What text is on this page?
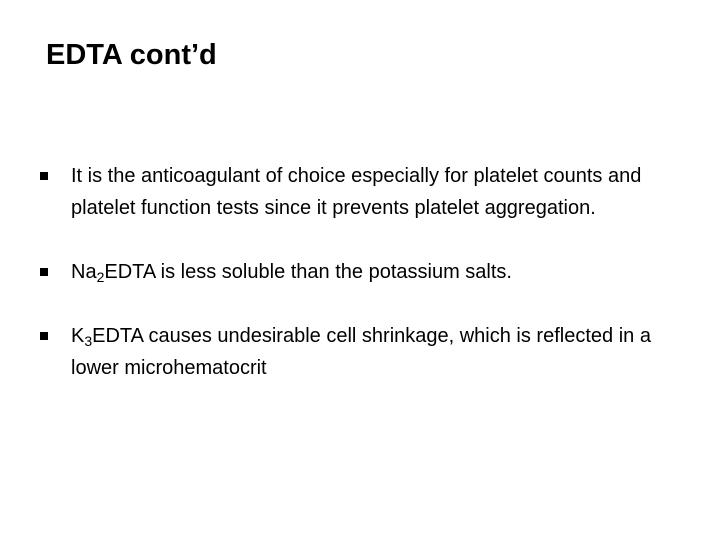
EDTA cont’d
It is the anticoagulant of choice especially for platelet counts and platelet function tests since it prevents platelet aggregation.
$Na_2EDTA$ is less soluble than the potassium salts.
$K_3EDTA$ causes undesirable cell shrinkage, which is reflected in a lower microhematocrit
